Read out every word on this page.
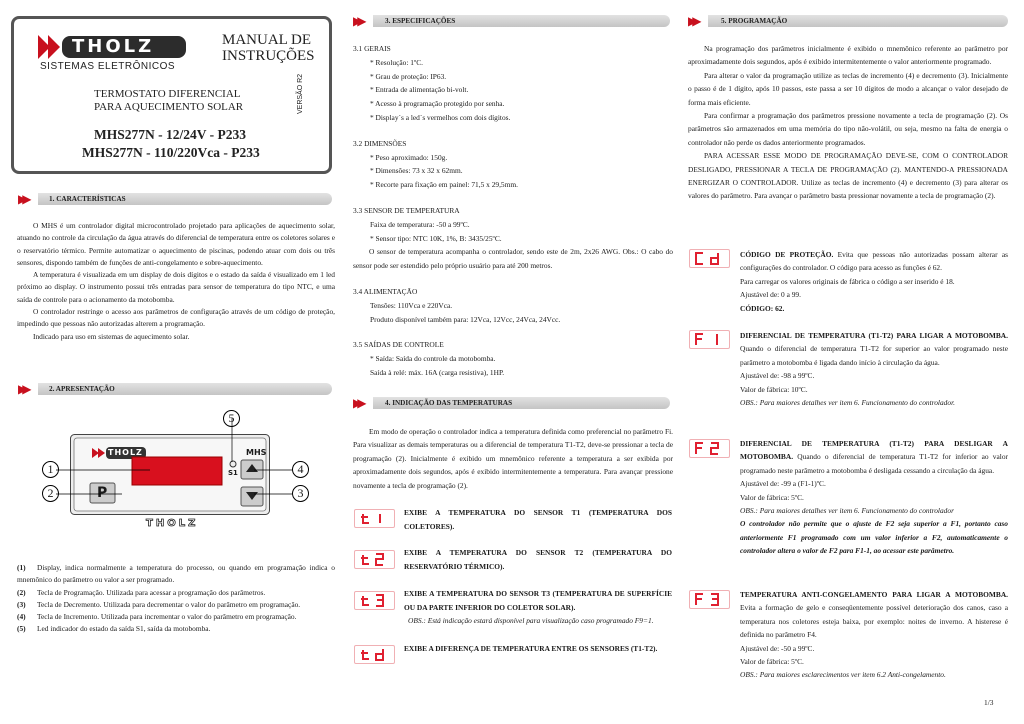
THOLZ
SISTEMAS ELETRÔNICOS
MANUAL DE
INSTRUÇÕES
VERSÃO R2
TERMOSTATO DIFERENCIAL
PARA AQUECIMENTO SOLAR
MHS277N - 12/24V - P233
MHS277N - 110/220Vca - P233
▶▶	1. CARACTERÍSTICAS

O MHS é um controlador digital microcontrolado projetado para aplicações de aquecimento solar, atuando no controle da circulação da água através do diferencial de temperatura entre os coletores solares e o reservatório térmico. Permite automatizar o aquecimento de piscinas, podendo atuar com dois ou três sensores, dispondo também de funções de anti-congelamento e sobre-aquecimento.

A temperatura é visualizada em um display de dois dígitos e o estado da saída é visualizado em 1 led próximo ao display. O instrumento possui três entradas para sensor de temperatura do tipo NTC, e uma saída de controle para o acionamento da motobomba.

O controlador restringe o acesso aos parâmetros de configuração através de um código de proteção, impedindo que pessoas não autorizadas alterem a programação.

Indicado para uso em sistemas de aquecimento solar.

▶▶	2. APRESENTAÇÃO
THOLZ	MHS
S1
P
THOLZ
1
2	3
4
5

(1) Display, indica normalmente a temperatura do processo, ou quando em programação indica o mnemônico do parâmetro ou valor a ser programado.

(2) Tecla de Programação. Utilizada para acessar a programação dos parâmetros.

(3) Tecla de Decremento. Utilizada para decrementar o valor do parâmetro em programação.

(4) Tecla de Incremento. Utilizada para incrementar o valor do parâmetro em programação.

(5) Led indicador do estado da saída S1, saída da motobomba.

▶▶	3. ESPECIFICAÇÕES
3.1 GERAIS
* Resolução: 1ºC.
* Grau de proteção: IP63.
* Entrada de alimentação bi-volt.
* Acesso à programação protegido por senha.
* Display´s a led´s vermelhos com dois dígitos.
3.2 DIMENSÕES
* Peso aproximado: 150g.
* Dimensões: 73 x 32 x 62mm.
* Recorte para fixação em painel: 71,5 x 29,5mm.
3.3 SENSOR DE TEMPERATURA
Faixa de temperatura: -50 a 99ºC.
* Sensor tipo: NTC 10K, 1%, B: 3435/25ºC.

O sensor de temperatura acompanha o controlador, sendo este de 2m, 2x26 AWG. Obs.: O cabo do sensor pode ser estendido pelo próprio usuário para até 200 metros.

3.4 ALIMENTAÇÃO
Tensões: 110Vca e 220Vca.
Produto disponível também para: 12Vca, 12Vcc, 24Vca, 24Vcc.
3.5 SAÍDAS DE CONTROLE
* Saída: Saída do controle da motobomba.
Saída à relé: máx. 16A (carga resistiva), 1HP.
▶▶	4. INDICAÇÃO DAS TEMPERATURAS

Em modo de operação o controlador indica a temperatura definida como preferencial no parâmetro Fi. Para visualizar as demais temperaturas ou a diferencial de temperatura T1-T2, deve-se pressionar a tecla de programação (2). Inicialmente é exibido um mnemônico referente a temperatura a ser exibida por aproximadamente dois segundos, após é exibido intermitentemente a temperatura. Para avançar pressione novamente a tecla de programação (2).

EXIBE A TEMPERATURA DO SENSOR T1 (TEMPERATURA DOS COLETORES).
EXIBE A TEMPERATURA DO SENSOR T2 (TEMPERATURA DO RESERVATÓRIO TÉRMICO).
EXIBE A TEMPERATURA DO SENSOR T3 (TEMPERATURA DE SUPERFÍCIE OU DA PARTE INFERIOR DO COLETOR SOLAR).
OBS.: Está indicação estará disponível para visualização caso programado F9=1.
EXIBE A DIFERENÇA DE TEMPERATURA ENTRE OS SENSORES (T1-T2).
▶▶	5. PROGRAMAÇÃO

Na programação dos parâmetros inicialmente é exibido o mnemônico referente ao parâmetro por aproximadamente dois segundos, após é exibido intermitentemente o valor anteriormente programado.

Para alterar o valor da programação utilize as teclas de incremento (4) e decremento (3). Inicialmente o passo é de 1 dígito, após 10 passos, este passa a ser 10 dígitos de modo a alcançar o valor desejado de forma mais eficiente.

Para confirmar a programação dos parâmetros pressione novamente a tecla de programação (2). Os parâmetros são armazenados em uma memória do tipo não-volátil, ou seja, mesmo na falta de energia o controlador não perde os dados anteriormente programados.

PARA ACESSAR ESSE MODO DE PROGRAMAÇÃO DEVE-SE, COM O CONTROLADOR DESLIGADO, PRESSIONAR A TECLA DE PROGRAMAÇÃO (2). MANTENDO-A PRESSIONADA ENERGIZAR O CONTROLADOR. Utilize as teclas de incremento (4) e decremento (3) para alterar os valores do parâmetro. Para avançar o parâmetro basta pressionar novamente a tecla de programação (2).

CÓDIGO DE PROTEÇÃO. Evita que pessoas não autorizadas possam alterar as configurações do controlador. O código para acesso as funções é 62.
Para carregar os valores originais de fábrica o código a ser inserido é 18.
Ajustável de: 0 a 99.
CÓDIGO: 62.
DIFERENCIAL DE TEMPERATURA (T1-T2) PARA LIGAR A MOTOBOMBA. Quando o diferencial de temperatura T1-T2 for superior ao valor programado neste parâmetro a motobomba é ligada dando início à circulação da água.
Ajustável de: -98 a 99ºC.
Valor de fábrica: 10ºC.
OBS.: Para maiores detalhes ver item 6. Funcionamento do controlador.
DIFERENCIAL DE TEMPERATURA (T1-T2) PARA DESLIGAR A MOTOBOMBA. Quando o diferencial de temperatura T1-T2 for inferior ao valor programado neste parâmetro a motobomba é desligada cessando a circulação da água.
Ajustável de: -99 a (F1-1)ºC.
Valor de fábrica: 5ºC.
OBS.: Para maiores detalhes ver item 6. Funcionamento do controlador
O controlador não permite que o ajuste de F2 seja superior a F1, portanto caso anteriormente F1 programado com um valor inferior a F2, automaticamente o controlador altera o valor de F2 para F1-1, ao acessar este parâmetro.
TEMPERATURA ANTI-CONGELAMENTO PARA LIGAR A MOTOBOMBA. Evita a formação de gelo e conseqüentemente possível deterioração dos canos, caso a temperatura nos coletores esteja baixa, por exemplo: noites de inverno. A histerese é definida no parâmetro F4.
Ajustável de: -50 a 99ºC.
Valor de fábrica: 5ºC.
OBS.: Para maiores esclarecimentos ver item 6.2 Anti-congelamento.
1/3
